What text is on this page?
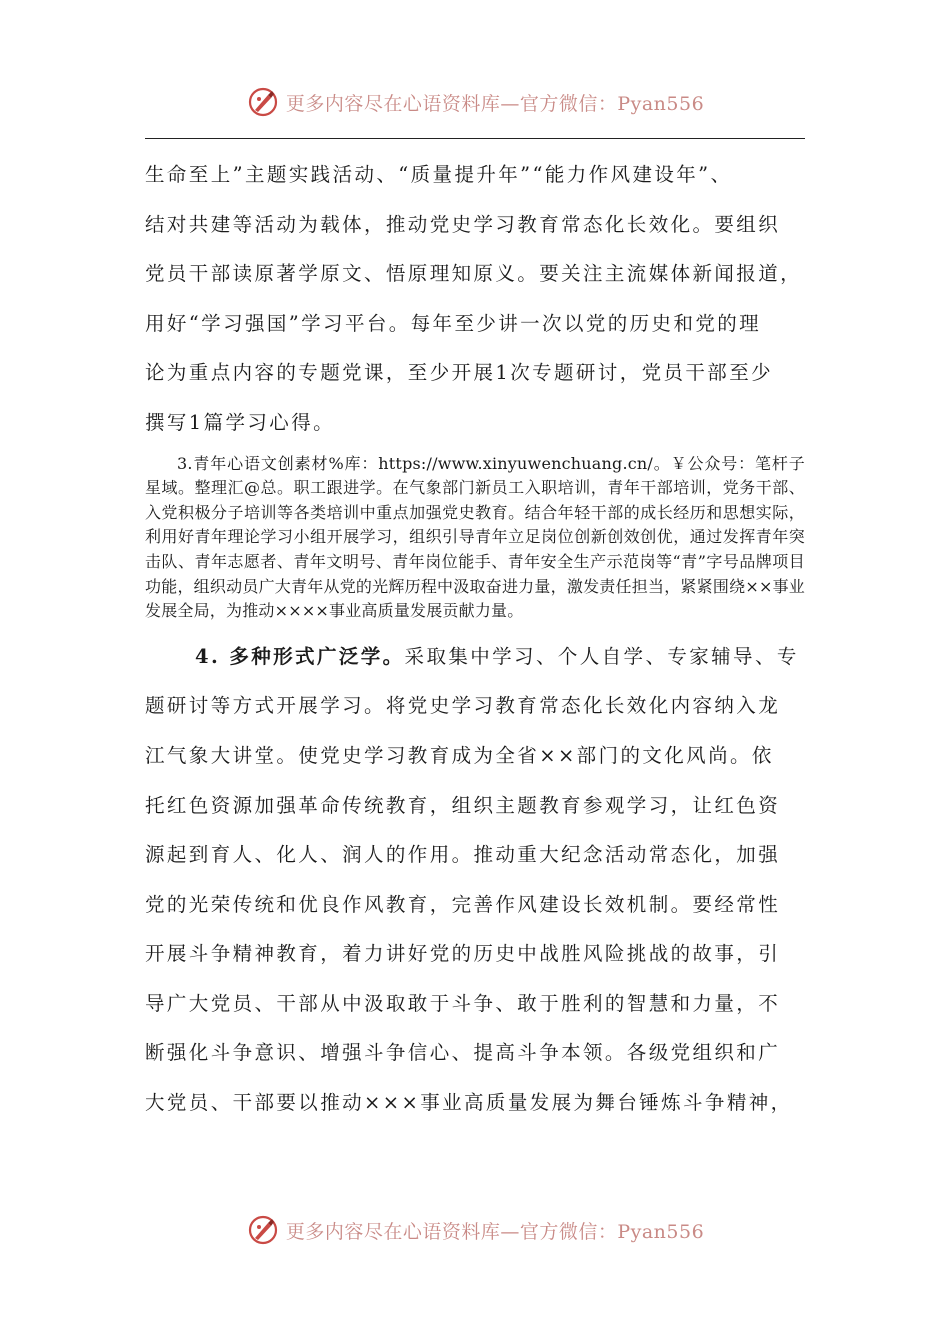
更多内容尽在心语资料库—官方微信：Pyan556

生命至上”主题实践活动、“质量提升年”“能力作风建设年”、

结对共建等活动为载体，推动党史学习教育常态化长效化。要组织

党员干部读原著学原文、悟原理知原义。要关注主流媒体新闻报道，

用好“学习强国”学习平台。每年至少讲一次以党的历史和党的理

论为重点内容的专题党课，至少开展1次专题研讨，党员干部至少

撰写1篇学习心得。

3.青年心语文创素材%库：https://www.xinyuwenchuang.cn/。￥公众号：笔杆子星域。整理汇@总。职工跟进学。在气象部门新员工入职培训，青年干部培训，党务干部、入党积极分子培训等各类培训中重点加强党史教育。结合年轻干部的成长经历和思想实际，利用好青年理论学习小组开展学习，组织引导青年立足岗位创新创效创优，通过发挥青年突击队、青年志愿者、青年文明号、青年岗位能手、青年安全生产示范岗等“青”字号品牌项目功能，组织动员广大青年从党的光辉历程中汲取奋进力量，激发责任担当，紧紧围绕××事业发展全局，为推动××××事业高质量发展贡献力量。

4. 多种形式广泛学。采取集中学习、个人自学、专家辅导、专

题研讨等方式开展学习。将党史学习教育常态化长效化内容纳入龙

江气象大讲堂。使党史学习教育成为全省××部门的文化风尚。依

托红色资源加强革命传统教育，组织主题教育参观学习，让红色资

源起到育人、化人、润人的作用。推动重大纪念活动常态化，加强

党的光荣传统和优良作风教育，完善作风建设长效机制。要经常性

开展斗争精神教育，着力讲好党的历史中战胜风险挑战的故事，引

导广大党员、干部从中汲取敢于斗争、敢于胜利的智慧和力量，不

断强化斗争意识、增强斗争信心、提高斗争本领。各级党组织和广

大党员、干部要以推动×××事业高质量发展为舞台锤炼斗争精神，

更多内容尽在心语资料库—官方微信：Pyan556
